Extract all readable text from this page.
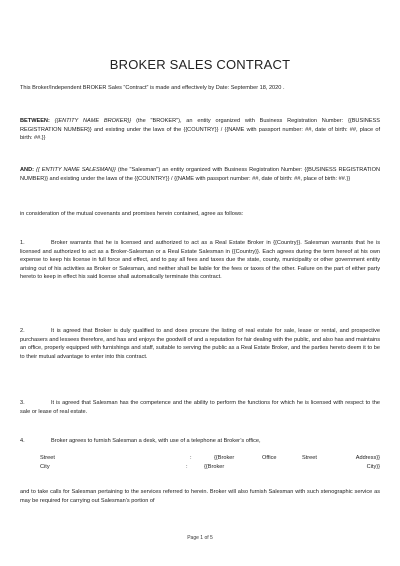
BROKER SALES CONTRACT
This Broker/Independent BROKER Sales “Contract” is made and effectively by Date: September 18, 2020 .
BETWEEN: {{ENTITY NAME BROKER}} (the "BROKER"), an entity organized with Business Registration Number: {{BUSINESS REGISTRATION NUMBER}} and existing under the laws of the {{COUNTRY}} / {{NAME with passport number: ##, date of birth: ##, place of birth: ##.}}
AND: {{ ENTITY NAME SALESMAN}} (the "Salesman") an entity organized with Business Registration Number: {{BUSINESS REGISTRATION NUMBER}} and existing under the laws of the {{COUNTRY}} / {{NAME with passport number: ##, date of birth: ##, place of birth: ##.}}
in consideration of the mutual covenants and promises herein contained, agree as follows:
1.	Broker warrants that he is licensed and authorized to act as a Real Estate Broker in {{Country}}. Salesman warrants that he is licensed and authorized to act as a Broker-Salesman or a Real Estate Salesman in {{Country}}. Each agrees during the term hereof at his own expense to keep his license in full force and effect, and to pay all fees and taxes due the state, county, municipality or other government entity arising out of his activities as Broker or Salesman, and neither shall be liable for the fees or taxes of the other. Failure on the part of either party hereto to keep in effect his said license shall automatically terminate this contract.
2.	It is agreed that Broker is duly qualified to and does procure the listing of real estate for sale, lease or rental, and prospective purchasers and lessees therefore, and has and enjoys the goodwill of and a reputation for fair dealing with the public, and also has and maintains an office, properly equipped with furnishings and staff, suitable to serving the public as a Real Estate Broker, and the parties hereto deem it to be to their mutual advantage to enter into this contract.
3.	It is agreed that Salesman has the competence and the ability to perform the functions for which he is licensed with respect to the sale or lease of real estate.
4.	Broker agrees to furnish Salesman a desk, with use of a telephone at Broker’s office,
Street	:	{{Broker	Office	Street	Address}}
City	:	{{Broker	City}}
and to take calls for Salesman pertaining to the services referred to herein. Broker will also furnish Salesman with such stenographic service as may be required for carrying out Salesman’s portion of
Page 1 of 5
